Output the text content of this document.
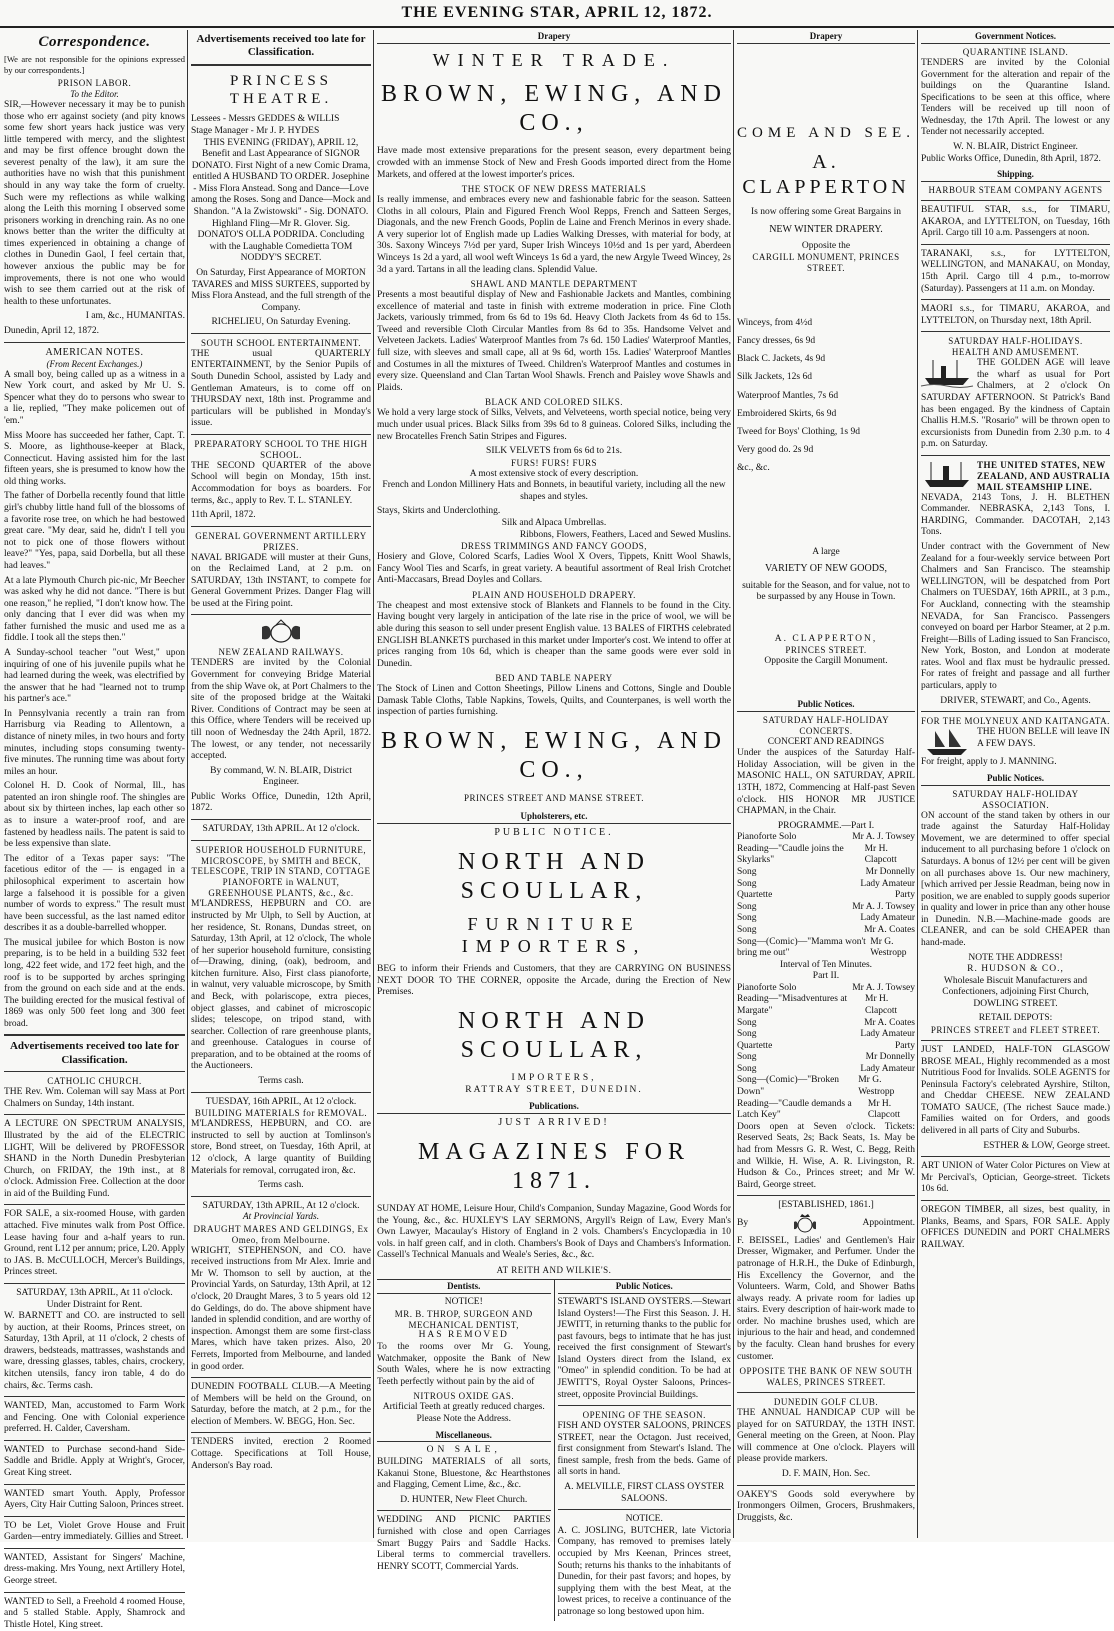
THE EVENING STAR, APRIL 12, 1872.
Correspondence.

[We are not responsible for the opinions expressed by our correspondents.]

PRISON LABOR.
To the Editor.

SIR,—However necessary it may be to punish those who err against society (and pity knows some few short years hack justice was very little tempered with mercy, and the slightest and may be first offence brought down the severest penalty of the law), it am sure the authorities have no wish that this punishment should in any way take the form of cruelty. Such were my reflections as while walking along the Leith this morning I observed some prisoners working in drenching rain. As no one knows better than the writer the difficulty at times experienced in obtaining a change of clothes in Dunedin Gaol, I feel certain that, however anxious the public may be for improvements, there is not one who would wish to see them carried out at the risk of health to these unfortunates.

I am, &c., HUMANITAS.

Dunedin, April 12, 1872.

AMERICAN NOTES.
(From Recent Exchanges.)

A small boy, being called up as a witness in a New York court, and asked by Mr U. S. Spencer what they do to persons who swear to a lie, replied, "They make policemen out of 'em."

Miss Moore has succeeded her father, Capt. T. S. Moore, as lighthouse-keeper at Black, Connecticut. Having assisted him for the last fifteen years, she is presumed to know how the old thing works.

The father of Dorbella recently found that little girl's chubby little hand full of the blossoms of a favorite rose tree, on which he had bestowed great care. "My dear, said he, didn't I tell you not to pick one of those flowers without leave?" "Yes, papa, said Dorbella, but all these had leaves."

At a late Plymouth Church pic-nic, Mr Beecher was asked why he did not dance. "There is but one reason," he replied, "I don't know how. The only dancing that I ever did was when my father furnished the music and used me as a fiddle. I took all the steps then."

A Sunday-school teacher "out West," upon inquiring of one of his juvenile pupils what he had learned during the week, was electrified by the answer that he had "learned not to trump his partner's ace."

In Pennsylvania recently a train ran from Harrisburg via Reading to Allentown, a distance of ninety miles, in two hours and forty minutes, including stops consuming twenty-five minutes. The running time was about forty miles an hour.

Colonel H. D. Cook of Normal, Ill., has patented an iron shingle roof. The shingles are about six by thirteen inches, lap each other so as to insure a water-proof roof, and are fastened by headless nails. The patent is said to be less expensive than slate.

The editor of a Texas paper says: "The facetious editor of the — is engaged in a philosophical experiment to ascertain how large a falsehood it is possible for a given number of words to express." The result must have been successful, as the last named editor describes it as a double-barrelled whopper.

The musical jubilee for which Boston is now preparing, is to be held in a building 532 feet long, 422 feet wide, and 172 feet high, and the roof is to be supported by arches springing from the ground on each side and at the ends. The building erected for the musical festival of 1869 was only 500 feet long and 300 feet broad.

Advertisements received too late for Classification.
CATHOLIC CHURCH.

THE Rev. Wm. Coleman will say Mass at Port Chalmers on Sunday, 14th instant.

A LECTURE ON SPECTRUM ANALYSIS, Illustrated by the aid of the ELECTRIC LIGHT, Will be delivered by PROFESSOR SHAND in the North Dunedin Presbyterian Church, on FRIDAY, the 19th inst., at 8 o'clock. Admission Free. Collection at the door in aid of the Building Fund.

FOR SALE, a six-roomed House, with garden attached. Five minutes walk from Post Office. Lease having four and a-half years to run. Ground, rent L12 per annum; price, L20. Apply to JAS. B. McCULLOCH, Mercer's Buildings, Princes street.

SATURDAY, 13th APRIL, At 11 o'clock.
Under Distraint for Rent.

W. BARNETT and CO. are instructed to sell by auction, at their Rooms, Princes street, on Saturday, 13th April, at 11 o'clock, 2 chests of drawers, bedsteads, mattrasses, washstands and ware, dressing glasses, tables, chairs, crockery, kitchen utensils, fancy iron table, 4 do do chairs, &c. Terms cash.

WANTED, Man, accustomed to Farm Work and Fencing. One with Colonial experience preferred. H. Calder, Caversham.

WANTED to Purchase second-hand Side-Saddle and Bridle. Apply at Wright's, Grocer, Great King street.

WANTED smart Youth. Apply, Professor Ayers, City Hair Cutting Saloon, Princes street.

TO be Let, Violet Grove House and Fruit Garden—entry immediately. Gillies and Street.

WANTED, Assistant for Singers' Machine, dress-making. Mrs Young, next Artillery Hotel, George street.

WANTED to Sell, a Freehold 4 roomed House, and 5 stalled Stable. Apply, Shamrock and Thistle Hotel, King street.

Advertisements received too late for Classification.
PRINCESS THEATRE.
Lessees - Messrs GEDDES & WILLIS
Stage Manager - Mr J. P. HYDES

THIS EVENING (FRIDAY), APRIL 12, Benefit and Last Appearance of SIGNOR DONATO. First Night of a new Comic Drama, entitled A HUSBAND TO ORDER. Josephine - Miss Flora Anstead. Song and Dance—Love among the Roses. Song and Dance—Mock and Shandon. "A la Zwistowski" - Sig. DONATO. Highland Fling—Mr R. Glover. Sig. DONATO'S OLLA PODRIDA. Concluding with the Laughable Comedietta TOM NODDY'S SECRET.

On Saturday, First Appearance of MORTON TAVARES and MISS SURTEES, supported by Miss Flora Anstead, and the full strength of the Company.

RICHELIEU, On Saturday Evening.
SOUTH SCHOOL ENTERTAINMENT.

THE usual QUARTERLY ENTERTAINMENT, by the Senior Pupils of South Dunedin School, assisted by Lady and Gentleman Amateurs, is to come off on THURSDAY next, 18th inst. Programme and particulars will be published in Monday's issue.

PREPARATORY SCHOOL TO THE HIGH SCHOOL.

THE SECOND QUARTER of the above School will begin on Monday, 15th inst. Accommodation for boys as boarders. For terms, &c., apply to Rev. T. L. STANLEY.

11th April, 1872.

GENERAL GOVERNMENT ARTILLERY PRIZES.

NAVAL BRIGADE will muster at their Guns, on the Reclaimed Land, at 2 p.m. on SATURDAY, 13th INSTANT, to compete for General Government Prizes. Danger Flag will be used at the Firing point.

NEW ZEALAND RAILWAYS.

TENDERS are invited by the Colonial Government for conveying Bridge Material from the ship Wave ok, at Port Chalmers to the site of the proposed bridge at the Waitaki River. Conditions of Contract may be seen at this Office, where Tenders will be received up till noon of Wednesday the 24th April, 1872. The lowest, or any tender, not necessarily accepted.

By command, W. N. BLAIR, District Engineer.

Public Works Office, Dunedin, 12th April, 1872.

SATURDAY, 13th APRIL. At 12 o'clock.
SUPERIOR HOUSEHOLD FURNITURE, MICROSCOPE, by SMITH and BECK, TELESCOPE, TRIP IN STAND, COTTAGE PIANOFORTE in WALNUT, GREENHOUSE PLANTS, &c., &c.

M'LANDRESS, HEPBURN and CO. are instructed by Mr Ulph, to Sell by Auction, at her residence, St. Ronans, Dundas street, on Saturday, 13th April, at 12 o'clock, The whole of her superior household furniture, consisting of—Drawing, dining, (oak), bedroom, and kitchen furniture. Also, First class pianoforte, in walnut, very valuable microscope, by Smith and Beck, with polariscope, extra pieces, object glasses, and cabinet of microscopic slides; telescope, on tripod stand, with searcher. Collection of rare greenhouse plants, and greenhouse. Catalogues in course of preparation, and to be obtained at the rooms of the Auctioneers.

Terms cash.
TUESDAY, 16th APRIL, At 12 o'clock.
BUILDING MATERIALS for REMOVAL.

M'LANDRESS, HEPBURN, and CO. are instructed to sell by auction at Tomlinson's store, Bond street, on Tuesday, 16th April, at 12 o'clock, A large quantity of Building Materials for removal, corrugated iron, &c.

Terms cash.
SATURDAY, 13th APRIL, At 12 o'clock.
At Provincial Yards.
DRAUGHT MARES AND GELDINGS, Ex Omeo, from Melbourne.

WRIGHT, STEPHENSON, and CO. have received instructions from Mr Alex. Imrie and Mr W. Thomson to sell by auction, at the Provincial Yards, on Saturday, 13th April, at 12 o'clock, 20 Draught Mares, 3 to 5 years old 12 do Geldings, do do. The above shipment have landed in splendid condition, and are worthy of inspection. Amongst them are some first-class Mares, which have taken prizes. Also, 20 Ferrets, Imported from Melbourne, and landed in good order.

DUNEDIN FOOTBALL CLUB.—A Meeting of Members will be held on the Ground, on Saturday, before the match, at 2 p.m., for the election of Members. W. BEGG, Hon. Sec.

TENDERS invited, erection 2 Roomed Cottage. Specifications at Toll House, Anderson's Bay road.

Drapery
WINTER TRADE.
BROWN, EWING, AND CO.,

Have made most extensive preparations for the present season, every department being crowded with an immense Stock of New and Fresh Goods imported direct from the Home Markets, and offered at the lowest importer's prices.

THE STOCK OF NEW DRESS MATERIALS

Is really immense, and embraces every new and fashionable fabric for the season. Satteen Cloths in all colours, Plain and Figured French Wool Repps, French and Satteen Serges, Diagonals, and the new French Goods, Poplin de Laine and French Merinos in every shade. A very superior lot of English made up Ladies Walking Dresses, with material for body, at 30s. Saxony Winceys 7½d per yard, Super Irish Winceys 10½d and 1s per yard, Aberdeen Winceys 1s 2d a yard, all wool weft Winceys 1s 6d a yard, the new Argyle Tweed Wincey, 2s 3d a yard. Tartans in all the leading clans. Splendid Value.

SHAWL AND MANTLE DEPARTMENT

Presents a most beautiful display of New and Fashionable Jackets and Mantles, combining excellence of material and taste in finish with extreme moderation in price. Fine Cloth Jackets, variously trimmed, from 6s 6d to 19s 6d. Heavy Cloth Jackets from 4s 6d to 15s. Tweed and reversible Cloth Circular Mantles from 8s 6d to 35s. Handsome Velvet and Velveteen Jackets. Ladies' Waterproof Mantles from 7s 6d. 150 Ladies' Waterproof Mantles, full size, with sleeves and small cape, all at 9s 6d, worth 15s. Ladies' Waterproof Mantles and Costumes in all the mixtures of Tweed. Children's Waterproof Mantles and costumes in every size. Queensland and Clan Tartan Wool Shawls. French and Paisley wove Shawls and Plaids.

BLACK AND COLORED SILKS.

We hold a very large stock of Silks, Velvets, and Velveteens, worth special notice, being very much under usual prices. Black Silks from 39s 6d to 8 guineas. Colored Silks, including the new Brocatelles French Satin Stripes and Figures.

SILK VELVETS from 6s 6d to 21s.
FURS! FURS! FURS
A most extensive stock of every description.

French and London Millinery Hats and Bonnets, in beautiful variety, including all the new shapes and styles.

Stays, Skirts and Underclothing.
Silk and Alpaca Umbrellas.
Ribbons, Flowers, Feathers, Laced and Sewed Muslins.
DRESS TRIMMINGS AND FANCY GOODS,

Hosiery and Glove, Colored Scarfs, Ladies Wool X Overs, Tippets, Knitt Wool Shawls, Fancy Wool Ties and Scarfs, in great variety. A beautiful assortment of Real Irish Crotchet Anti-Maccasars, Bread Doyles and Collars.

PLAIN AND HOUSEHOLD DRAPERY.

The cheapest and most extensive stock of Blankets and Flannels to be found in the City. Having bought very largely in anticipation of the late rise in the price of wool, we will be able during this season to sell under present English value. 13 BALES of FIRTHS celebrated ENGLISH BLANKETS purchased in this market under Importer's cost. We intend to offer at prices ranging from 10s 6d, which is cheaper than the same goods were ever sold in Dunedin.

BED AND TABLE NAPERY

The Stock of Linen and Cotton Sheetings, Pillow Linens and Cottons, Single and Double Damask Table Cloths, Table Napkins, Towels, Quilts, and Counterpanes, is well worth the inspection of parties furnishing.

BROWN, EWING, AND CO.,
PRINCES STREET AND MANSE STREET.
Upholsterers, etc.
PUBLIC NOTICE.
NORTH AND SCOULLAR,
FURNITURE IMPORTERS,

BEG to inform their Friends and Customers, that they are CARRYING ON BUSINESS NEXT DOOR TO THE CORNER, opposite the Arcade, during the Erection of New Premises.

NORTH AND SCOULLAR,
IMPORTERS,
RATTRAY STREET, DUNEDIN.
Publications.
JUST ARRIVED!
MAGAZINES FOR 1871.

SUNDAY AT HOME, Leisure Hour, Child's Companion, Sunday Magazine, Good Words for the Young, &c., &c. HUXLEY'S LAY SERMONS, Argyll's Reign of Law, Every Man's Own Lawyer, Macaulay's History of England in 2 vols. Chambers's Encyclopædia in 10 vols. in half green calf, and in cloth. Chambers's Book of Days and Chambers's Information. Cassell's Technical Manuals and Weale's Series, &c., &c.

AT REITH AND WILKIE'S.
Dentists.
NOTICE!
MR. B. THROP, SURGEON AND MECHANICAL DENTIST,
HAS REMOVED

To the rooms over Mr G. Young, Watchmaker, opposite the Bank of New South Wales, where he is now extracting Teeth perfectly without pain by the aid of

NITROUS OXIDE GAS.

Artificial Teeth at greatly reduced charges. Please Note the Address.

Miscellaneous.
ON SALE,

BUILDING MATERIALS of all sorts, Kakanui Stone, Bluestone, &c Hearthstones and Flagging, Cement Lime, &c., &c.

D. HUNTER, New Fleet Church.

WEDDING AND PICNIC PARTIES furnished with close and open Carriages Smart Buggy Pairs and Saddle Hacks. Liberal terms to commercial travellers. HENRY SCOTT, Commercial Yards.

Public Notices.

STEWART'S ISLAND OYSTERS.—Stewart Island Oysters!—The First this Season. J. H. JEWITT, in returning thanks to the public for past favours, begs to intimate that he has just received the first consignment of Stewart's Island Oysters direct from the Island, ex "Omeo" in splendid condition. To be had at JEWITT'S, Royal Oyster Saloons, Princes-street, opposite Provincial Buildings.

OPENING OF THE SEASON.

FISH AND OYSTER SALOONS, PRINCES STREET, near the Octagon. Just received, first consignment from Stewart's Island. The finest sample, fresh from the beds. Game of all sorts in hand.

A. MELVILLE, FIRST CLASS OYSTER SALOONS.
NOTICE.

A. C. JOSLING, BUTCHER, late Victoria Company, has removed to premises lately occupied by Mrs Keenan, Princes street, South; returns his thanks to the inhabitants of Dunedin, for their past favors; and hopes, by supplying them with the best Meat, at the lowest prices, to receive a continuance of the patronage so long bestowed upon him.

Drapery
COME AND SEE.
A. CLAPPERTON
Is now offering some Great Bargains in
NEW WINTER DRAPERY.
Opposite the
CARGILL MONUMENT, PRINCES STREET.
Winceys, from 4½d
Fancy dresses, 6s 9d
Black C. Jackets, 4s 9d
Silk Jackets, 12s 6d
Waterproof Mantles, 7s 6d
Embroidered Skirts, 6s 9d
Tweed for Boys' Clothing, 1s 9d
Very good do. 2s 9d
&c., &c.
A large
VARIETY OF NEW GOODS,

suitable for the Season, and for value, not to be surpassed by any House in Town.

A. CLAPPERTON,
PRINCES STREET.
Opposite the Cargill Monument.
Public Notices.
SATURDAY HALF-HOLIDAY CONCERTS.
CONCERT AND READINGS

Under the auspices of the Saturday Half-Holiday Association, will be given in the MASONIC HALL, ON SATURDAY, APRIL 13TH, 1872, Commencing at Half-past Seven o'clock. HIS HONOR MR JUSTICE CHAPMAN, in the Chair.

PROGRAMME.—Part I.
Pianoforte Solo	Mr A. J. Towsey
Reading—"Caudle joins the Skylarks"
Mr H. Clapcott
Song	Mr Donnelly
Song	Lady Amateur
Quartette	Party
Song	Mr A. J. Towsey
Song	Lady Amateur
Song	Mr A. Coates
Song—(Comic)—"Mamma won't bring me out"
Mr G. Westropp
Interval of Ten Minutes.
Part II.
Pianoforte Solo	Mr A. J. Towsey
Reading—"Misadventures at Margate"
Mr H. Clapcott
Song	Mr A. Coates
Song	Lady Amateur
Quartette	Party
Song	Mr Donnelly
Song	Lady Amateur
Song—(Comic)—"Broken Down"
Mr G. Westropp
Reading—"Caudle demands a Latch Key"
Mr H. Clapcott

Doors open at Seven o'clock. Tickets: Reserved Seats, 2s; Back Seats, 1s. May be had from Messrs G. R. West, C. Begg, Reith and Wilkie, H. Wise, A. R. Livingston, R. Hudson & Co., Princes street; and Mr W. Baird, George street.

[ESTABLISHED, 1861.]
By	Appointment.

F. BEISSEL, Ladies' and Gentlemen's Hair Dresser, Wigmaker, and Perfumer. Under the patronage of H.R.H., the Duke of Edinburgh, His Excellency the Governor, and the Volunteers. Warm, Cold, and Shower Baths always ready. A private room for ladies up stairs. Every description of hair-work made to order. No machine brushes used, which are injurious to the hair and head, and condemned by the faculty. Clean hand brushes for every customer.

OPPOSITE THE BANK OF NEW SOUTH WALES, PRINCES STREET.
DUNEDIN GOLF CLUB.

THE ANNUAL HANDICAP CUP will be played for on SATURDAY, the 13TH INST. General meeting on the Green, at Noon. Play will commence at One o'clock. Players will please provide markers.

D. F. MAIN, Hon. Sec.

OAKEY'S Goods sold everywhere by Ironmongers Oilmen, Grocers, Brushmakers, Druggists, &c.

Government Notices.
QUARANTINE ISLAND.

TENDERS are invited by the Colonial Government for the alteration and repair of the buildings on the Quarantine Island. Specifications to be seen at this office, where Tenders will be received up till noon of Wednesday, the 17th April. The lowest or any Tender not necessarily accepted.

W. N. BLAIR, District Engineer.

Public Works Office, Dunedin, 8th April, 1872.

Shipping.
HARBOUR STEAM COMPANY AGENTS

BEAUTIFUL STAR, s.s., for TIMARU, AKAROA, and LYTTELTON, on Tuesday, 16th April. Cargo till 10 a.m. Passengers at noon.

TARANAKI, s.s., for LYTTELTON, WELLINGTON, and MANAKAU, on Monday, 15th April. Cargo till 4 p.m., to-morrow (Saturday). Passengers at 11 a.m. on Monday.

MAORI s.s., for TIMARU, AKAROA, and LYTTELTON, on Thursday next, 18th April.

SATURDAY HALF-HOLIDAYS.
HEALTH AND AMUSEMENT.

THE GOLDEN AGE will leave the wharf as usual for Port Chalmers, at 2 o'clock On SATURDAY AFTERNOON. St Patrick's Band has been engaged. By the kindness of Captain Challis H.M.S. "Rosario" will be thrown open to excursionists from Dunedin from 2.30 p.m. to 4 p.m. on Saturday.

THE UNITED STATES, NEW ZEALAND, AND AUSTRALIA MAIL STEAMSHIP LINE.

NEVADA, 2143 Tons, J. H. BLETHEN Commander. NEBRASKA, 2,143 Tons, I. HARDING, Commander. DACOTAH, 2,143 Tons.

Under contract with the Government of New Zealand for a four-weekly service between Port Chalmers and San Francisco. The steamship WELLINGTON, will be despatched from Port Chalmers on TUESDAY, 16th APRIL, at 3 p.m., For Auckland, connecting with the steamship NEVADA, for San Francisco. Passengers conveyed on board per Harbor Steamer, at 2 p.m. Freight—Bills of Lading issued to San Francisco, New York, Boston, and London at moderate rates. Wool and flax must be hydraulic pressed. For rates of freight and passage and all further particulars, apply to

DRIVER, STEWART, and Co., Agents.
FOR THE MOLYNEUX AND KAITANGATA.

THE HUON BELLE will leave IN A FEW DAYS.

For freight, apply to J. MANNING.

Public Notices.
SATURDAY HALF-HOLIDAY ASSOCIATION.

ON account of the stand taken by others in our trade against the Saturday Half-Holiday Movement, we are determined to offer special inducement to all purchasing before 1 o'clock on Saturdays. A bonus of 12½ per cent will be given on all purchases above 1s. Our new machinery, [which arrived per Jessie Readman, being now in position, we are enabled to supply goods superior in quality and lower in price than any other house in Dunedin. N.B.—Machine-made goods are CLEANER, and can be sold CHEAPER than hand-made.

NOTE THE ADDRESS!
R. HUDSON & CO.,

Wholesale Biscuit Manufacturers and Confectioners, adjoining First Church, DOWLING STREET.

RETAIL DEPOTS:
PRINCES STREET and FLEET STREET.

JUST LANDED, HALF-TON GLASGOW BROSE MEAL, Highly recommended as a most Nutritious Food for Invalids. SOLE AGENTS for Peninsula Factory's celebrated Ayrshire, Stilton, and Cheddar CHEESE. NEW ZEALAND TOMATO SAUCE, (The richest Sauce made.) Families waited on for Orders, and goods delivered in all parts of City and Suburbs.

ESTHER & LOW, George street.

ART UNION of Water Color Pictures on View at Mr Percival's, Optician, George-street. Tickets 10s 6d.

OREGON TIMBER, all sizes, best quality, in Planks, Beams, and Spars, FOR SALE. Apply OFFICES DUNEDIN and PORT CHALMERS RAILWAY.
